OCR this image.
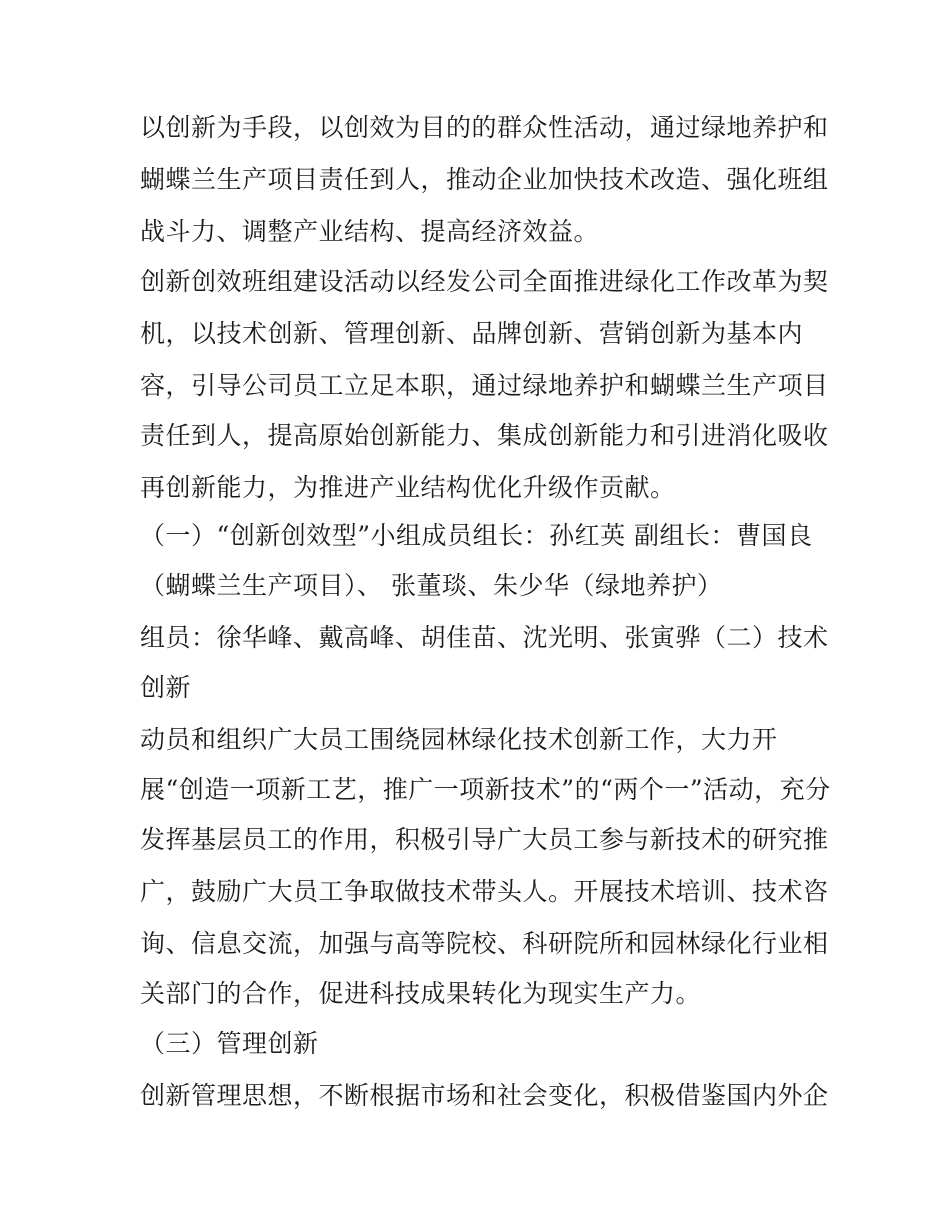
以创新为手段，以创效为目的的群众性活动，通过绿地养护和
蝴蝶兰生产项目责任到人，推动企业加快技术改造、强化班组
战斗力、调整产业结构、提高经济效益。
创新创效班组建设活动以经发公司全面推进绿化工作改革为契
机，以技术创新、管理创新、品牌创新、营销创新为基本内
容，引导公司员工立足本职，通过绿地养护和蝴蝶兰生产项目
责任到人，提高原始创新能力、集成创新能力和引进消化吸收
再创新能力，为推进产业结构优化升级作贡献。
（一）“创新创效型”小组成员组长：孙红英 副组长：曹国良
（蝴蝶兰生产项目）、 张董琰、朱少华（绿地养护）
组员：徐华峰、戴高峰、胡佳苗、沈光明、张寅骅（二）技术
创新
动员和组织广大员工围绕园林绿化技术创新工作，大力开
展“创造一项新工艺，推广一项新技术”的“两个一”活动，充分
发挥基层员工的作用，积极引导广大员工参与新技术的研究推
广，鼓励广大员工争取做技术带头人。开展技术培训、技术咨
询、信息交流，加强与高等院校、科研院所和园林绿化行业相
关部门的合作，促进科技成果转化为现实生产力。
（三）管理创新
创新管理思想，不断根据市场和社会变化，积极借鉴国内外企
